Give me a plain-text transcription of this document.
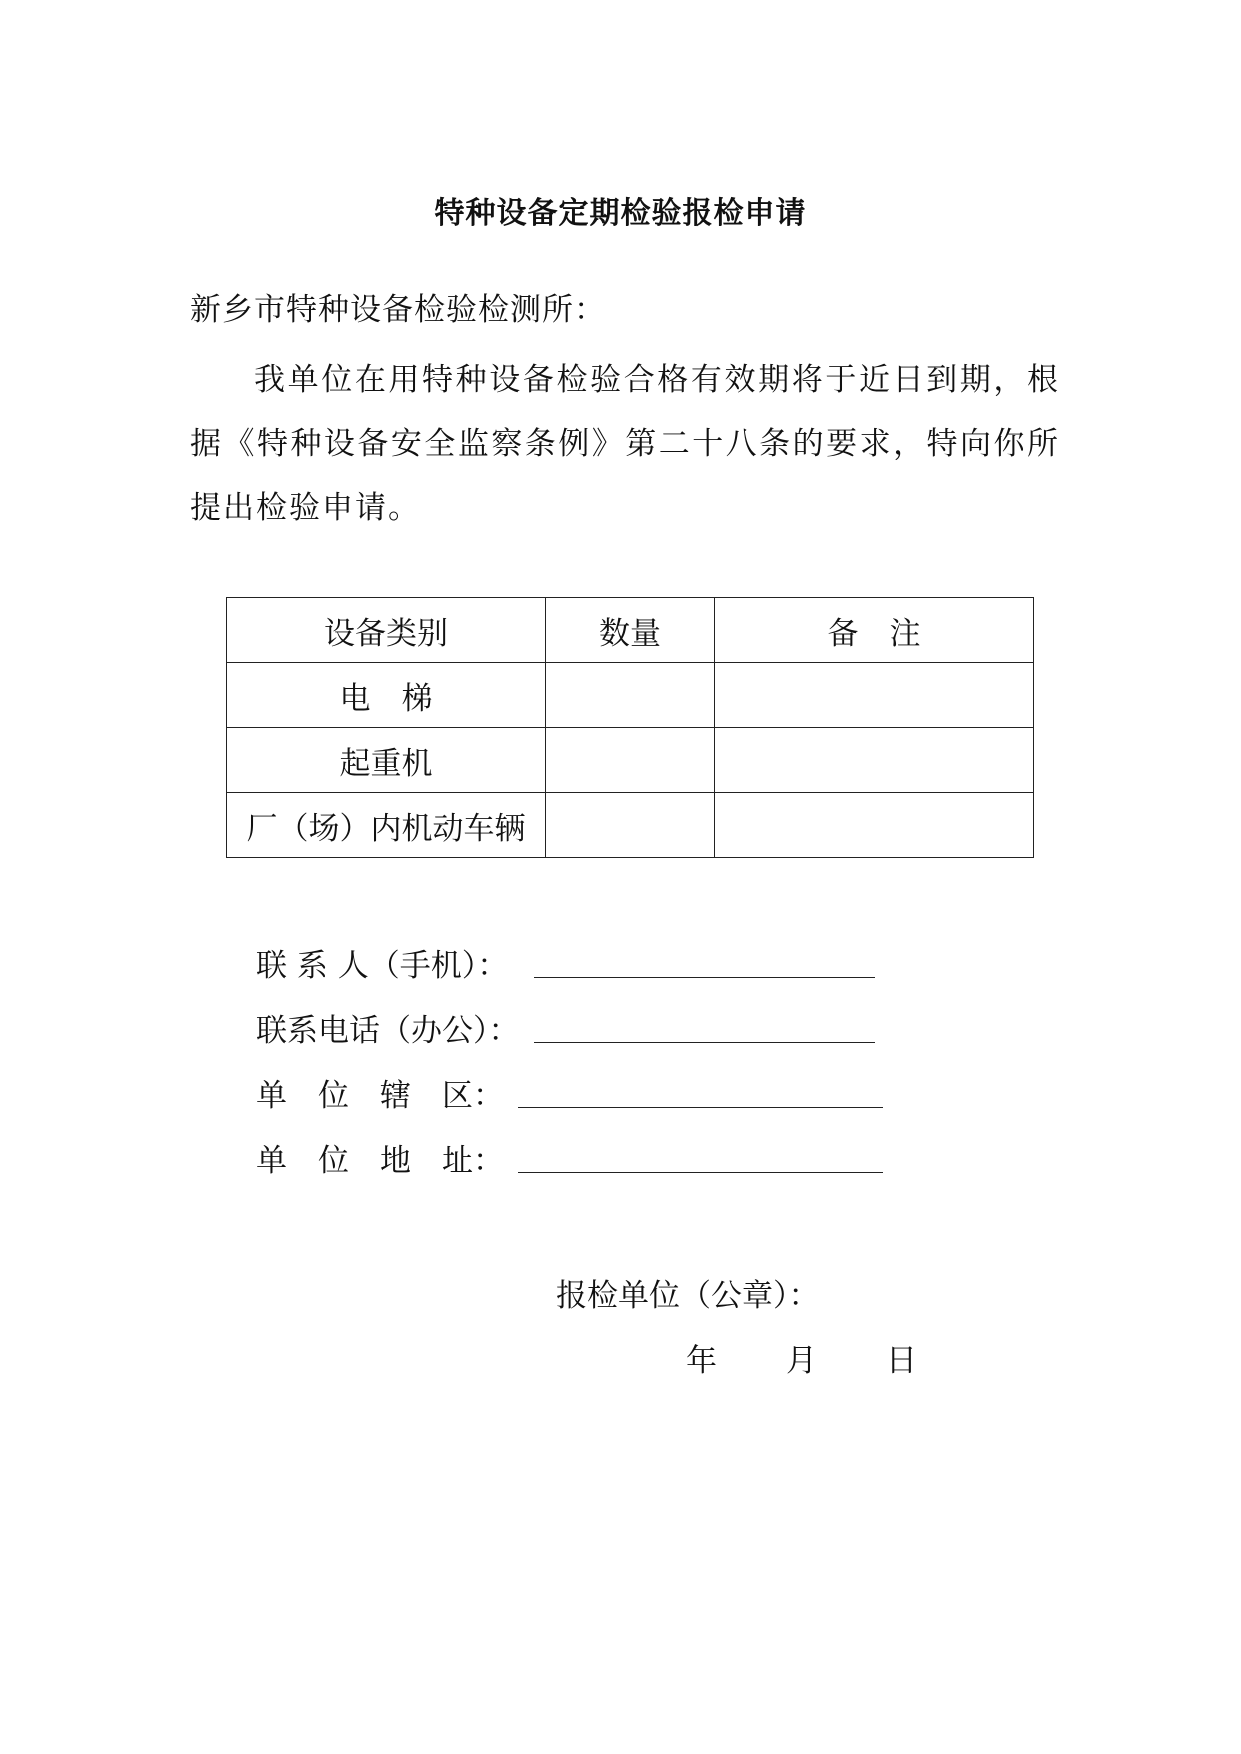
特种设备定期检验报检申请
新乡市特种设备检验检测所：

我单位在用特种设备检验合格有效期将于近日到期，根据《特种设备安全监察条例》第二十八条的要求，特向你所提出检验申请。

设备类别	数量	备　注
电　梯		
起重机		
厂（场）内机动车辆		
联 系 人（手机）：
联系电话（办公）：
单　位　辖　区：
单　位　地　址：
报检单位（公章）：
年 月 日
